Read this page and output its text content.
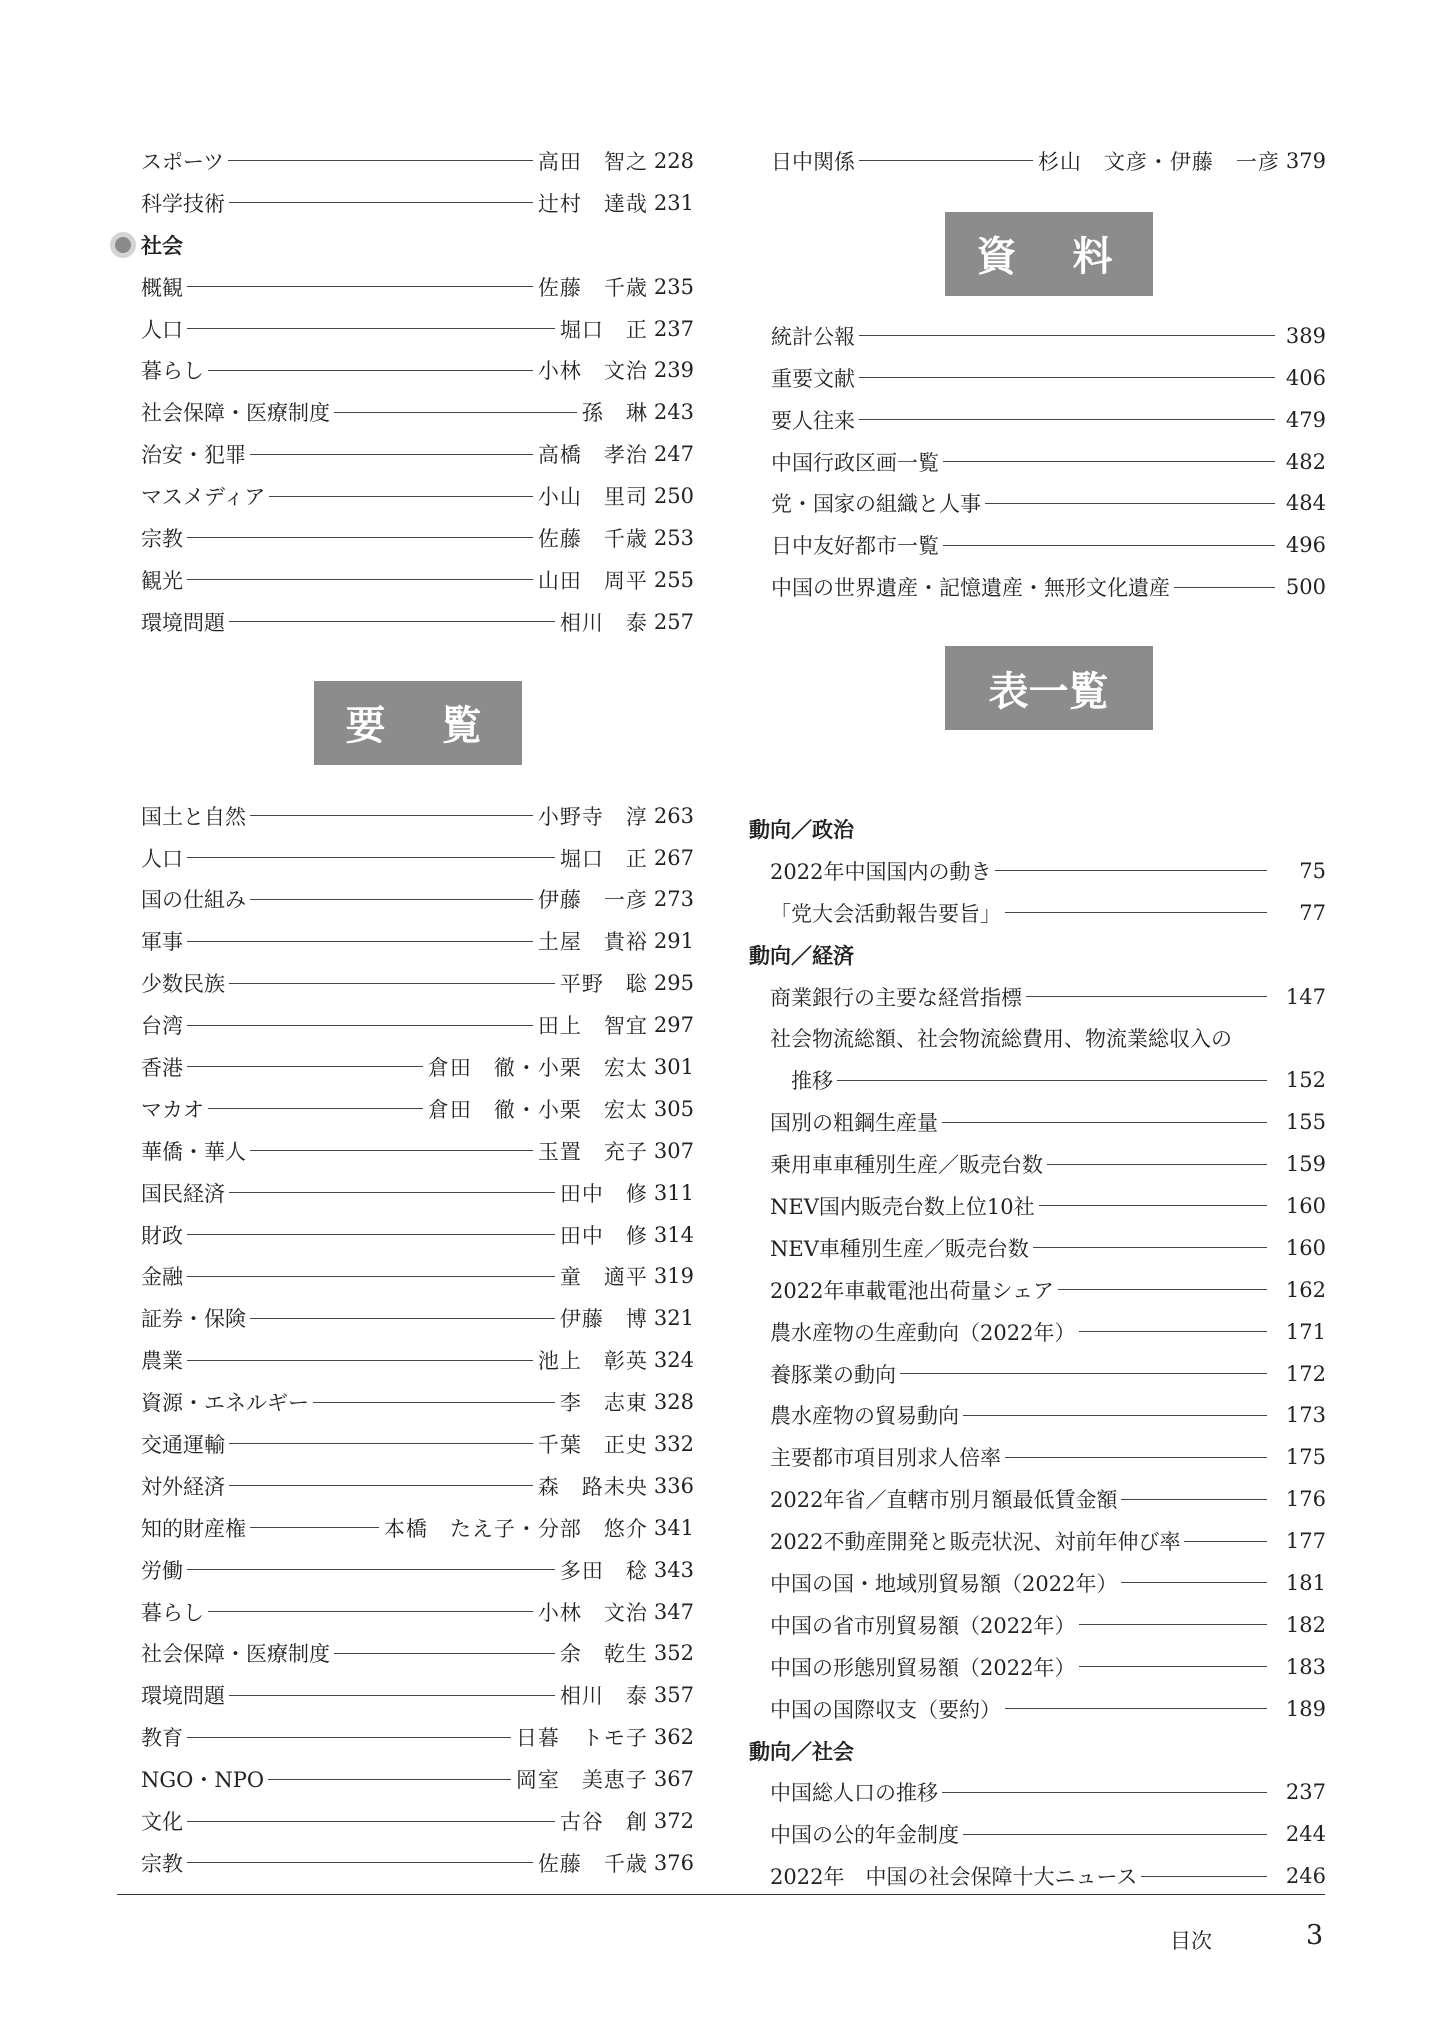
スポーツ	高田　智之 228
科学技術	辻村　達哉 231
社会
概観	佐藤　千歳 235
人口	堀口　正 237
暮らし	小林　文治 239
社会保障・医療制度	孫　琳 243
治安・犯罪	高橋　孝治 247
マスメディア	小山　里司 250
宗教	佐藤　千歳 253
観光	山田　周平 255
環境問題	相川　泰 257
要　覧
国土と自然	小野寺　淳 263
人口	堀口　正 267
国の仕組み	伊藤　一彦 273
軍事	土屋　貴裕 291
少数民族	平野　聡 295
台湾	田上　智宜 297
香港	倉田　徹・小栗　宏太 301
マカオ	倉田　徹・小栗　宏太 305
華僑・華人	玉置　充子 307
国民経済	田中　修 311
財政	田中　修 314
金融	童　適平 319
証券・保険	伊藤　博 321
農業	池上　彰英 324
資源・エネルギー	李　志東 328
交通運輸	千葉　正史 332
対外経済	森　路未央 336
知的財産権	本橋　たえ子・分部　悠介 341
労働	多田　稔 343
暮らし	小林　文治 347
社会保障・医療制度	余　乾生 352
環境問題	相川　泰 357
教育	日暮　トモ子 362
NGO・NPO	岡室　美恵子 367
文化	古谷　創 372
宗教	佐藤　千歳 376
日中関係	杉山　文彦・伊藤　一彦 379
資　料
統計公報	389
重要文献	406
要人往来	479
中国行政区画一覧	482
党・国家の組織と人事	484
日中友好都市一覧	496
中国の世界遺産・記憶遺産・無形文化遺産	500
表一覧
動向／政治
2022年中国国内の動き	75
「党大会活動報告要旨」	77
動向／経済
商業銀行の主要な経営指標	147
社会物流総額、社会物流総費用、物流業総収入の
推移	152
国別の粗鋼生産量	155
乗用車車種別生産／販売台数	159
NEV国内販売台数上位10社	160
NEV車種別生産／販売台数	160
2022年車載電池出荷量シェア	162
農水産物の生産動向（2022年）	171
養豚業の動向	172
農水産物の貿易動向	173
主要都市項目別求人倍率	175
2022年省／直轄市別月額最低賃金額	176
2022不動産開発と販売状況、対前年伸び率	177
中国の国・地域別貿易額（2022年）	181
中国の省市別貿易額（2022年）	182
中国の形態別貿易額（2022年）	183
中国の国際収支（要約）	189
動向／社会
中国総人口の推移	237
中国の公的年金制度	244
2022年　中国の社会保障十大ニュース	246
目次	3
